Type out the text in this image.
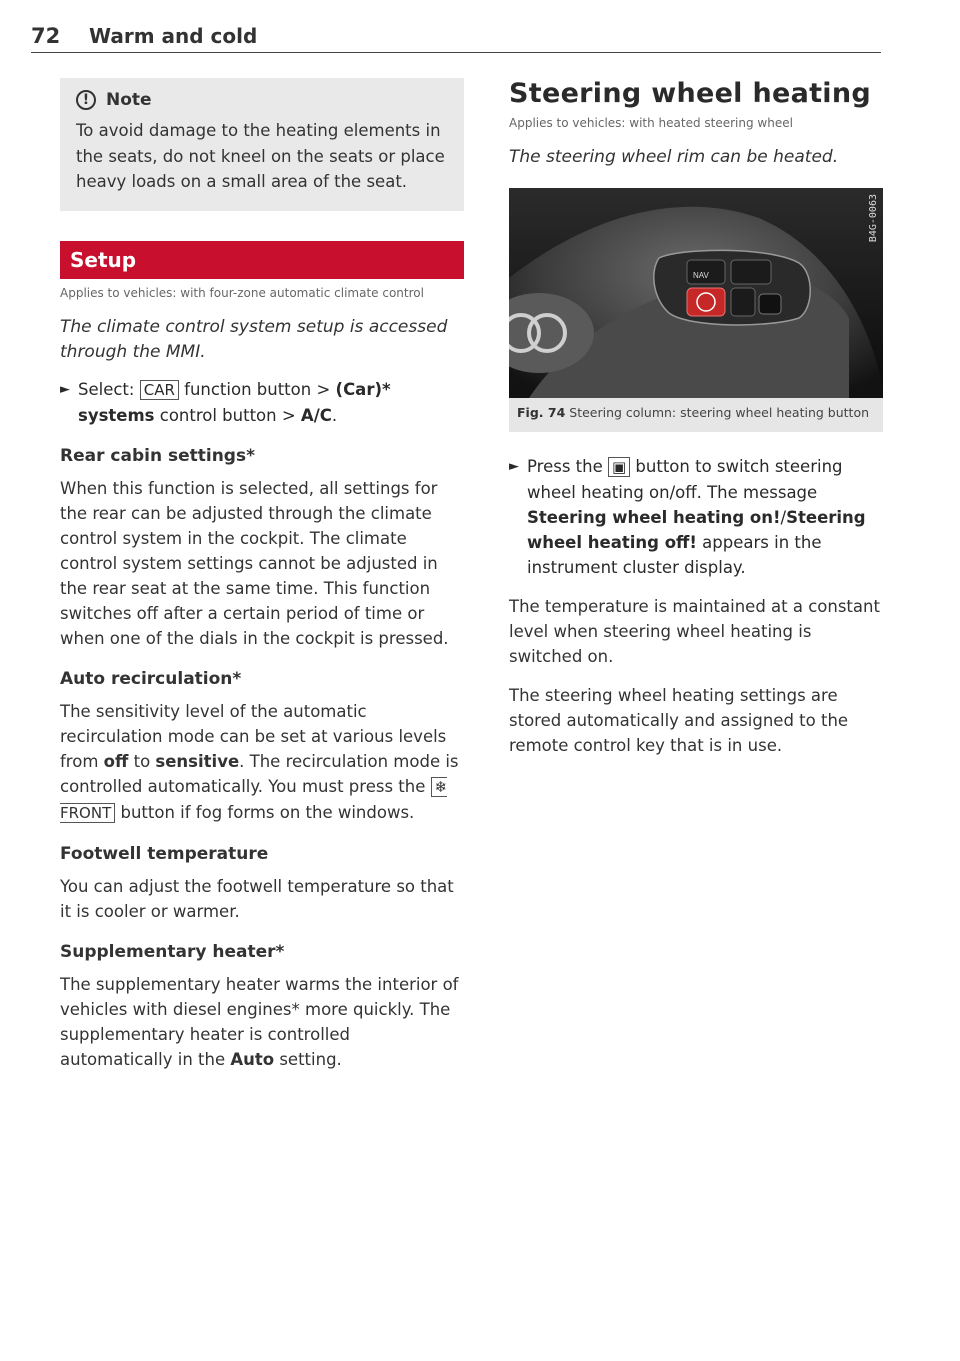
72 Warm and cold
! Note
To avoid damage to the heating elements in the seats, do not kneel on the seats or place heavy loads on a small area of the seat.
Setup
Applies to vehicles: with four-zone automatic climate control
The climate control system setup is accessed through the MMI.
► Select: CAR function button > (Car)* systems control button > A/C.
Rear cabin settings*
When this function is selected, all settings for the rear can be adjusted through the climate control system in the cockpit. The climate control system settings cannot be adjusted in the rear seat at the same time. This function switches off after a certain period of time or when one of the dials in the cockpit is pressed.
Auto recirculation*
The sensitivity level of the automatic recirculation mode can be set at various levels from off to sensitive. The recirculation mode is controlled automatically. You must press the ❄ FRONT button if fog forms on the windows.
Footwell temperature
You can adjust the footwell temperature so that it is cooler or warmer.
Supplementary heater*
The supplementary heater warms the interior of vehicles with diesel engines* more quickly. The supplementary heater is controlled automatically in the Auto setting.
Steering wheel heating
Applies to vehicles: with heated steering wheel
The steering wheel rim can be heated.
NAV
B4G-0063
Fig. 74 Steering column: steering wheel heating button
► Press the ▣ button to switch steering wheel heating on/off. The message Steering wheel heating on!/Steering wheel heating off! appears in the instrument cluster display.
The temperature is maintained at a constant level when steering wheel heating is switched on.
The steering wheel heating settings are stored automatically and assigned to the remote control key that is in use.
